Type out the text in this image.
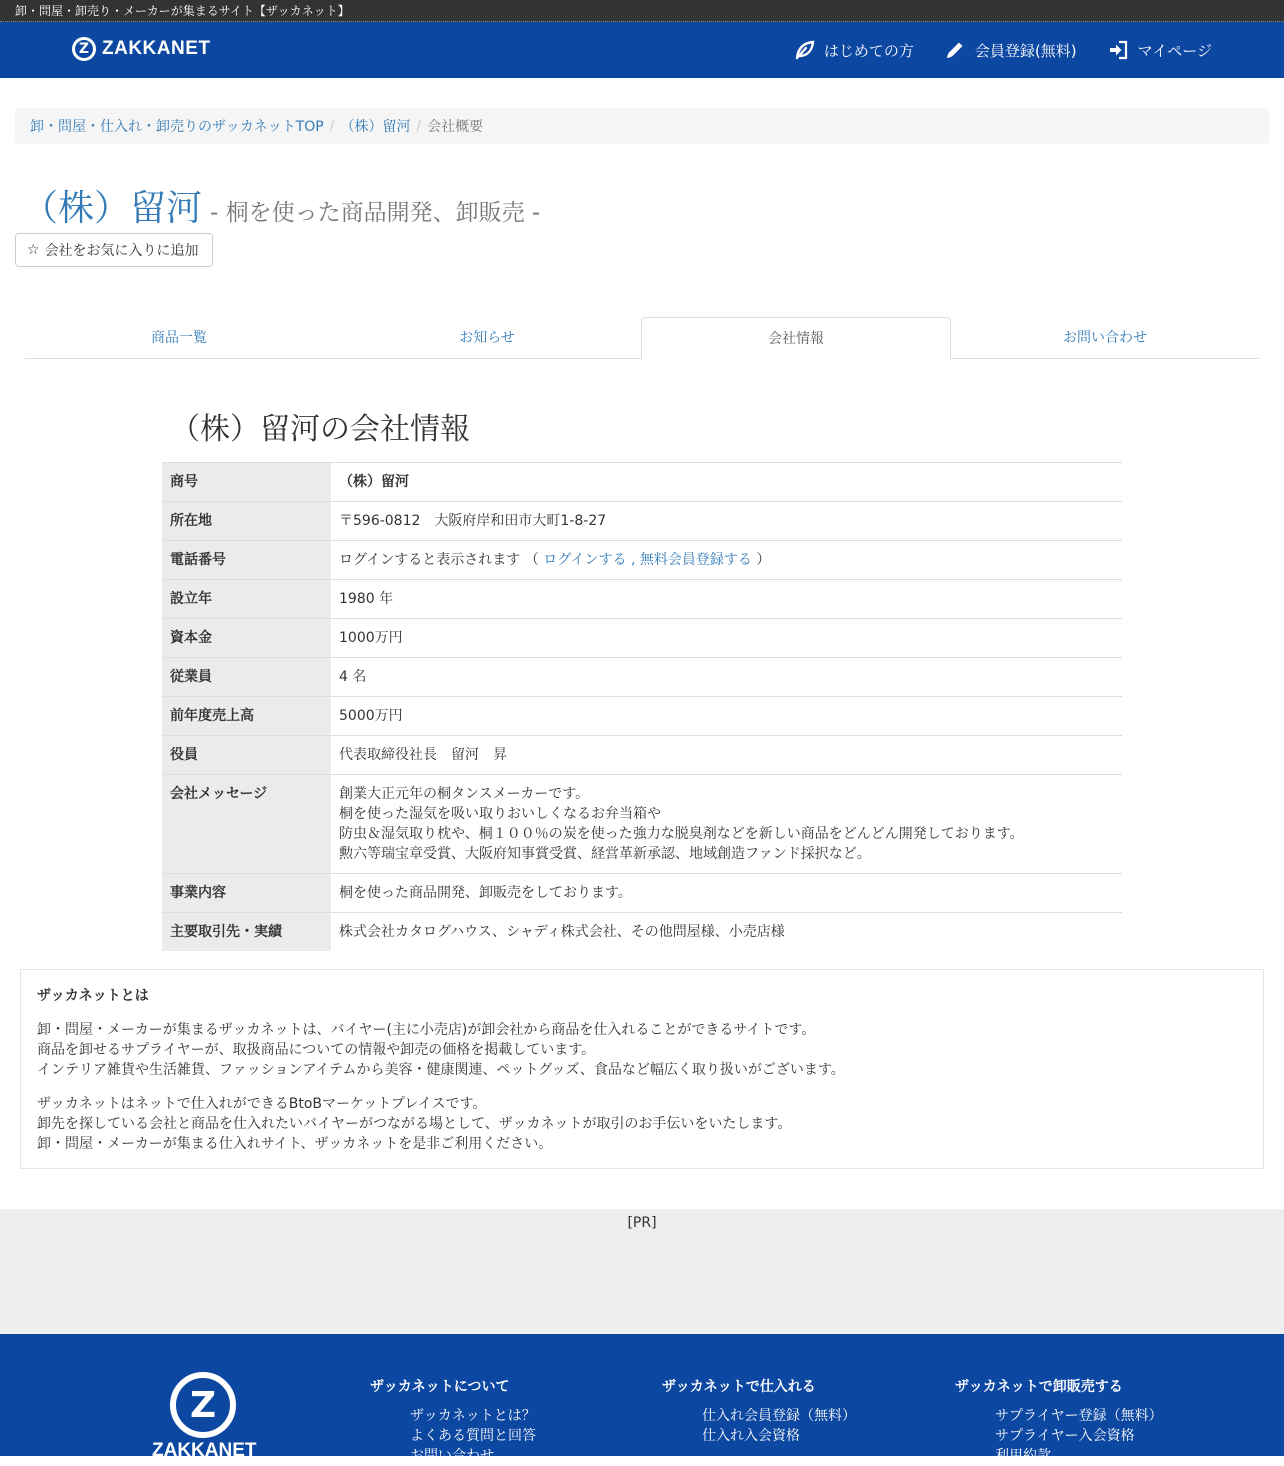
卸・問屋・卸売り・メーカーが集まるサイト【ザッカネット】
Z ZAKKANET	はじめての方	会員登録(無料)	マイページ
卸・問屋・仕入れ・卸売りのザッカネットTOP / （株）留河 / 会社概要
（株）留河 - 桐を使った商品開発、卸販売 -
☆ 会社をお気に入りに追加
商品一覧	お知らせ	会社情報	お問い合わせ
（株）留河の会社情報
商号	（株）留河
所在地	〒596-0812　大阪府岸和田市大町1-8-27
電話番号	ログインすると表示されます （ ログインする , 無料会員登録する ）
設立年	1980 年
資本金	1000万円
従業員	4 名
前年度売上高	5000万円
役員	代表取締役社長　留河　昇
会社メッセージ	創業大正元年の桐タンスメーカーです。
桐を使った湿気を吸い取りおいしくなるお弁当箱や
防虫＆湿気取り枕や、桐１００％の炭を使った強力な脱臭剤などを新しい商品をどんどん開発しております。
勲六等瑞宝章受賞、大阪府知事賞受賞、経営革新承認、地域創造ファンド採択など。

事業内容	桐を使った商品開発、卸販売をしております。
主要取引先・実績	株式会社カタログハウス、シャディ株式会社、その他問屋様、小売店様
ザッカネットとは

卸・問屋・メーカーが集まるザッカネットは、バイヤー(主に小売店)が卸会社から商品を仕入れることができるサイトです。
商品を卸せるサプライヤーが、取扱商品についての情報や卸売の価格を掲載しています。
インテリア雑貨や生活雑貨、ファッションアイテムから美容・健康関連、ペットグッズ、食品など幅広く取り扱いがございます。

ザッカネットはネットで仕入れができるBtoBマーケットプレイスです。
卸先を探している会社と商品を仕入れたいバイヤーがつながる場として、ザッカネットが取引のお手伝いをいたします。
卸・問屋・メーカーが集まる仕入れサイト、ザッカネットを是非ご利用ください。

[PR]
Z
ZAKKANET
ザッカネットについて
ザッカネットとは？
よくある質問と回答
お問い合わせ
ザッカネットで仕入れる
仕入れ会員登録（無料）
仕入れ入会資格
ザッカネットで卸販売する
サプライヤー登録（無料）
サプライヤー入会資格
利用約款
